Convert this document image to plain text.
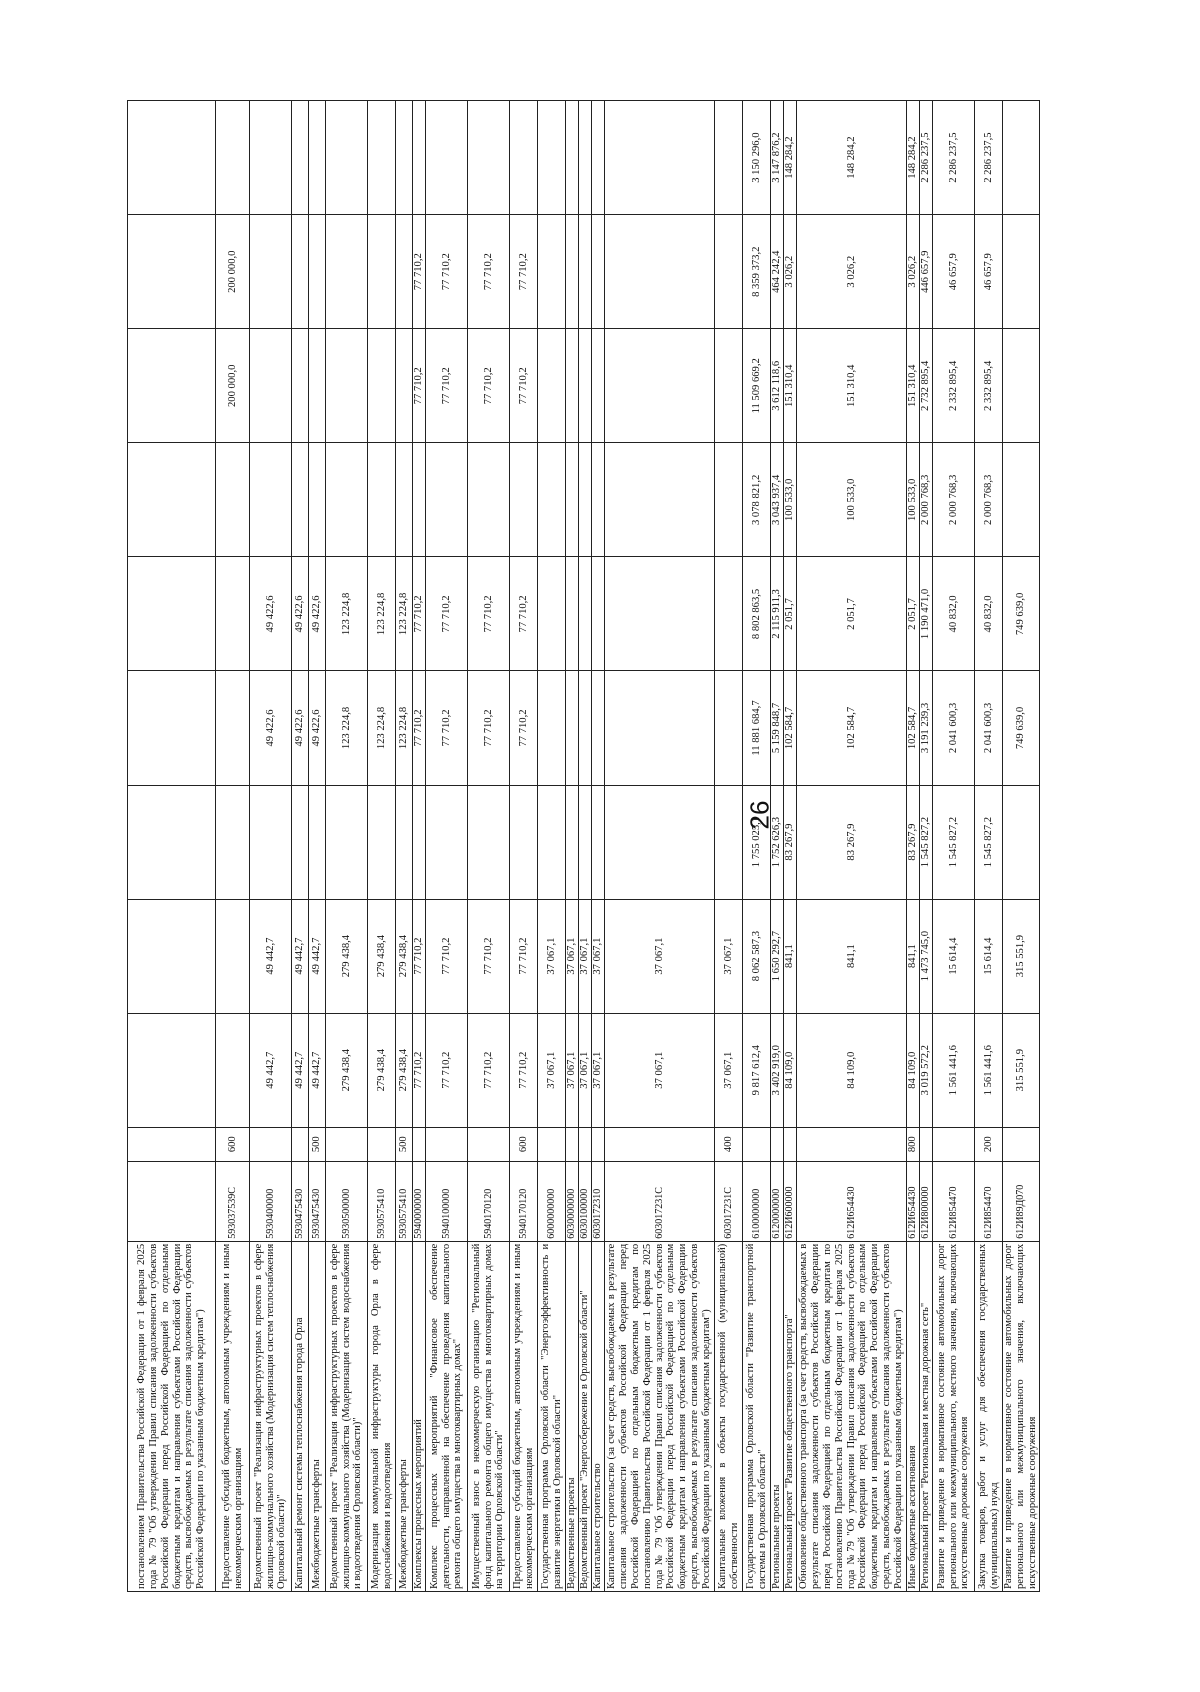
26
постановлением Правительства Российской Федерации от 1 февраля 2025 года № 79 "Об утверждении Правил списания задолженности субъектов Российской Федерации перед Российской Федерацией по отдельным бюджетным кредитам и направления субъектами Российской Федерации средств, высвобождаемых в результате списания задолженности субъектов Российской Федерации по указанным бюджетным кредитам")											
Предоставление субсидий бюджетным, автономным учреждениям и иным некоммерческим организациям	593037539С	600							200 000,0	200 000,0	
Ведомственный проект "Реализация инфраструктурных проектов в сфере жилищно-коммунального хозяйства (Модернизация систем теплоснабжения Орловской области)"	5930400000		49 442,7	49 442,7		49 422,6	49 422,6				
Капитальный ремонт системы теплоснабжения города Орла	5930475430		49 442,7	49 442,7		49 422,6	49 422,6				
Межбюджетные трансферты	5930475430	500	49 442,7	49 442,7		49 422,6	49 422,6				
Ведомственный проект "Реализация инфраструктурных проектов в сфере жилищно-коммунального хозяйства (Модернизация систем водоснабжения и водоотведения Орловской области)"	5930500000		279 438,4	279 438,4		123 224,8	123 224,8				
Модернизация коммунальной инфраструктуры города Орла в сфере водоснабжения и водоотведения	5930575410		279 438,4	279 438,4		123 224,8	123 224,8				
Межбюджетные трансферты	5930575410	500	279 438,4	279 438,4		123 224,8	123 224,8				
Комплексы процессных мероприятий	5940000000		77 710,2	77 710,2		77 710,2	77 710,2		77 710,2	77 710,2	
Комплекс процессных мероприятий "Финансовое обеспечение деятельности, направленной на обеспечение проведения капитального ремонта общего имущества в многоквартирных домах"	5940100000		77 710,2	77 710,2		77 710,2	77 710,2		77 710,2	77 710,2	
Имущественный взнос в некоммерческую организацию "Региональный фонд капитального ремонта общего имущества в многоквартирных домах на территории Орловской области"	5940170120		77 710,2	77 710,2		77 710,2	77 710,2		77 710,2	77 710,2	
Предоставление субсидий бюджетным, автономным учреждениям и иным некоммерческим организациям	5940170120	600	77 710,2	77 710,2		77 710,2	77 710,2		77 710,2	77 710,2	
Государственная программа Орловской области "Энергоэффективность и развитие энергетики в Орловской области"	6000000000		37 067,1	37 067,1							
Ведомственные проекты	6030000000		37 067,1	37 067,1							
Ведомственный проект "Энергосбережение в Орловской области"	6030100000		37 067,1	37 067,1							
Капитальное строительство	6030172310		37 067,1	37 067,1							
Капитальное строительство (за счет средств, высвобождаемых в результате списания задолженности субъектов Российской Федерации перед Российской Федерацией по отдельным бюджетным кредитам по постановлению Правительства Российской Федерации от 1 февраля 2025 года № 79 "Об утверждении Правил списания задолженности субъектов Российской Федерации перед Российской Федерацией по отдельным бюджетным кредитам и направления субъектами Российской Федерации средств, высвобождаемых в результате списания задолженности субъектов Российской Федерации по указанным бюджетным кредитам")	603017231С		37 067,1	37 067,1							
Капитальные вложения в объекты государственной (муниципальной) собственности	603017231С	400	37 067,1	37 067,1							
Государственная программа Орловской области "Развитие транспортной системы в Орловской области"	6100000000		9 817 612,4	8 062 587,3	1 755 025,1	11 881 684,7	8 802 863,5	3 078 821,2	11 509 669,2	8 359 373,2	3 150 296,0
Региональные проекты	6120000000		3 402 919,0	1 650 292,7	1 752 626,3	5 159 848,7	2 115 911,3	3 043 937,4	3 612 118,6	464 242,4	3 147 876,2
Региональный проект "Развитие общественного транспорта"	612И600000		84 109,0	841,1	83 267,9	102 584,7	2 051,7	100 533,0	151 310,4	3 026,2	148 284,2
Обновление общественного транспорта (за счет средств, высвобождаемых в результате списания задолженности субъектов Российской Федерации перед Российской Федерацией по отдельным бюджетным кредитам по постановлению Правительства Российской Федерации от 1 февраля 2025 года №79 "Об утверждении Правил списания задолженности субъектов Российской Федерации перед Российской Федерацией по отдельным бюджетным кредитам и направления субъектами Российской Федерации средств, высвобождаемых в результате списания задолженности субъектов Российской Федерации по указанным бюджетным кредитам")	612И654430		84 109,0	841,1	83 267,9	102 584,7	2 051,7	100 533,0	151 310,4	3 026,2	148 284,2
Иные бюджетные ассигнования	612И654430	800	84 109,0	841,1	83 267,9	102 584,7	2 051,7	100 533,0	151 310,4	3 026,2	148 284,2
Региональный проект "Региональная и местная дорожная сеть"	612И800000		3 019 572,2	1 473 745,0	1 545 827,2	3 191 239,3	1 190 471,0	2 000 768,3	2 732 895,4	446 657,9	2 286 237,5
Развитие и приведение в нормативное состояние автомобильных дорог регионального или межмуниципального, местного значения, включающих искусственные дорожные сооружения	612И854470		1 561 441,6	15 614,4	1 545 827,2	2 041 600,3	40 832,0	2 000 768,3	2 332 895,4	46 657,9	2 286 237,5
Закупка товаров, работ и услуг для обеспечения государственных (муниципальных) нужд	612И854470	200	1 561 441,6	15 614,4	1 545 827,2	2 041 600,3	40 832,0	2 000 768,3	2 332 895,4	46 657,9	2 286 237,5
Развитие и приведение в нормативное состояние автомобильных дорог регионального или межмуниципального значения, включающих искусственные дорожные сооружения	612И89Д070		315 551,9	315 551,9		749 639,0	749 639,0				
